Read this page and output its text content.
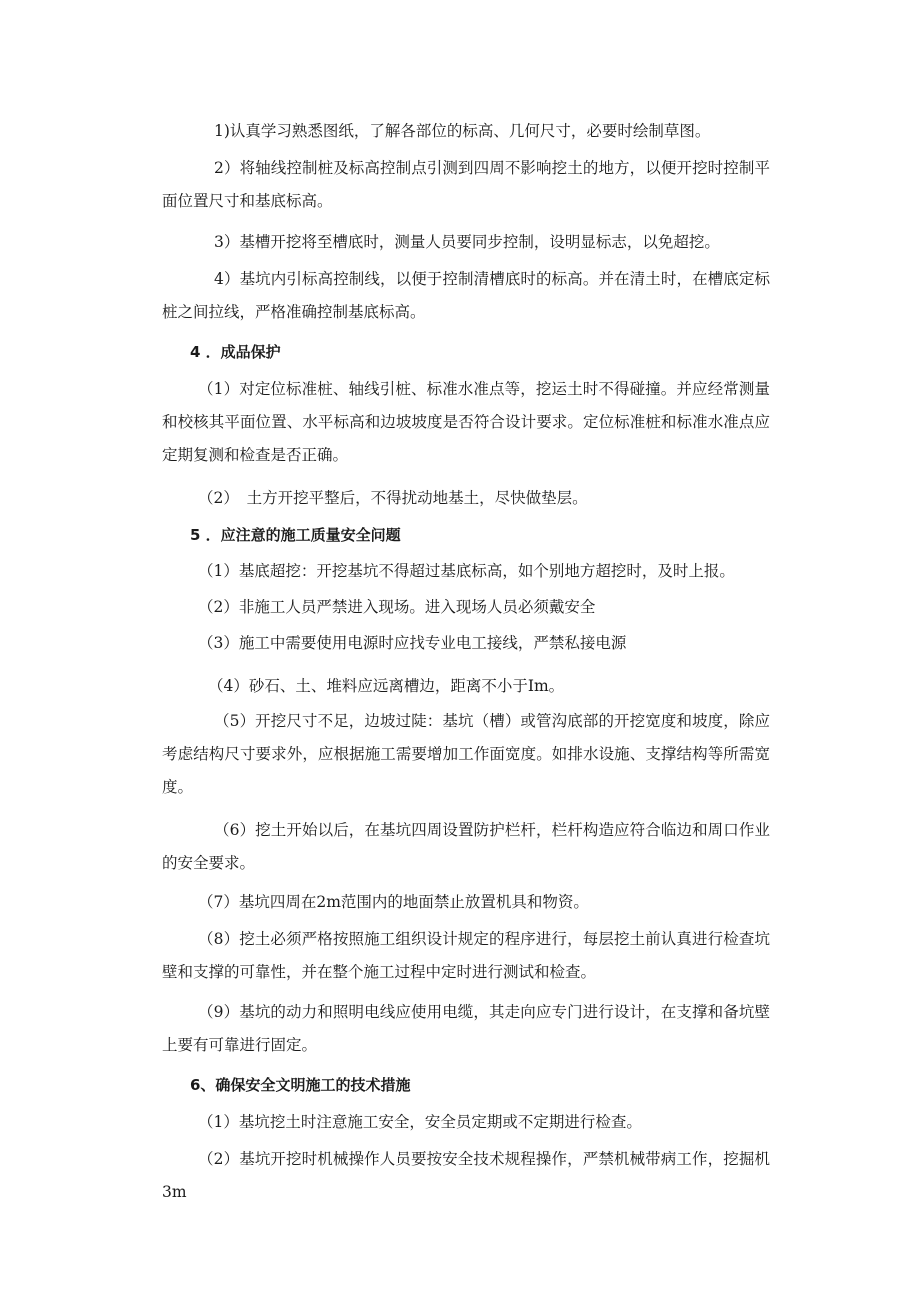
1)认真学习熟悉图纸，了解各部位的标高、几何尺寸，必要时绘制草图。

2）将轴线控制桩及标高控制点引测到四周不影响挖土的地方，以便开挖时控制平面位置尺寸和基底标高。

3）基槽开挖将至槽底时，测量人员要同步控制，设明显标志，以免超挖。

4）基坑内引标高控制线，以便于控制清槽底时的标高。并在清土时，在槽底定标桩之间拉线，严格准确控制基底标高。

4 ．成品保护

（1）对定位标准桩、轴线引桩、标准水准点等，挖运土时不得碰撞。并应经常测量和校核其平面位置、水平标高和边坡坡度是否符合设计要求。定位标准桩和标准水准点应定期复测和检查是否正确。

（2）　土方开挖平整后，不得扰动地基土，尽快做垫层。

5 ．应注意的施工质量安全问题

（1）基底超挖：开挖基坑不得超过基底标高，如个别地方超挖时，及时上报。

（2）非施工人员严禁进入现场。进入现场人员必须戴安全

（3）施工中需要使用电源时应找专业电工接线，严禁私接电源

（4）砂石、土、堆料应远离槽边，距离不小于Im。

（5）开挖尺寸不足，边坡过陡：基坑（槽）或管沟底部的开挖宽度和坡度，除应考虑结构尺寸要求外，应根据施工需要增加工作面宽度。如排水设施、支撑结构等所需宽度。

（6）挖土开始以后，在基坑四周设置防护栏杆，栏杆构造应符合临边和周口作业的安全要求。

（7）基坑四周在2m范围内的地面禁止放置机具和物资。

（8）挖土必须严格按照施工组织设计规定的程序进行，每层挖土前认真进行检查坑壁和支撑的可靠性，并在整个施工过程中定时进行测试和检查。

（9）基坑的动力和照明电线应使用电缆，其走向应专门进行设计，在支撑和备坑壁上要有可靠进行固定。

6、确保安全文明施工的技术措施

（1）基坑挖土时注意施工安全，安全员定期或不定期进行检查。

（2）基坑开挖时机械操作人员要按安全技术规程操作，严禁机械带病工作，挖掘机3m
